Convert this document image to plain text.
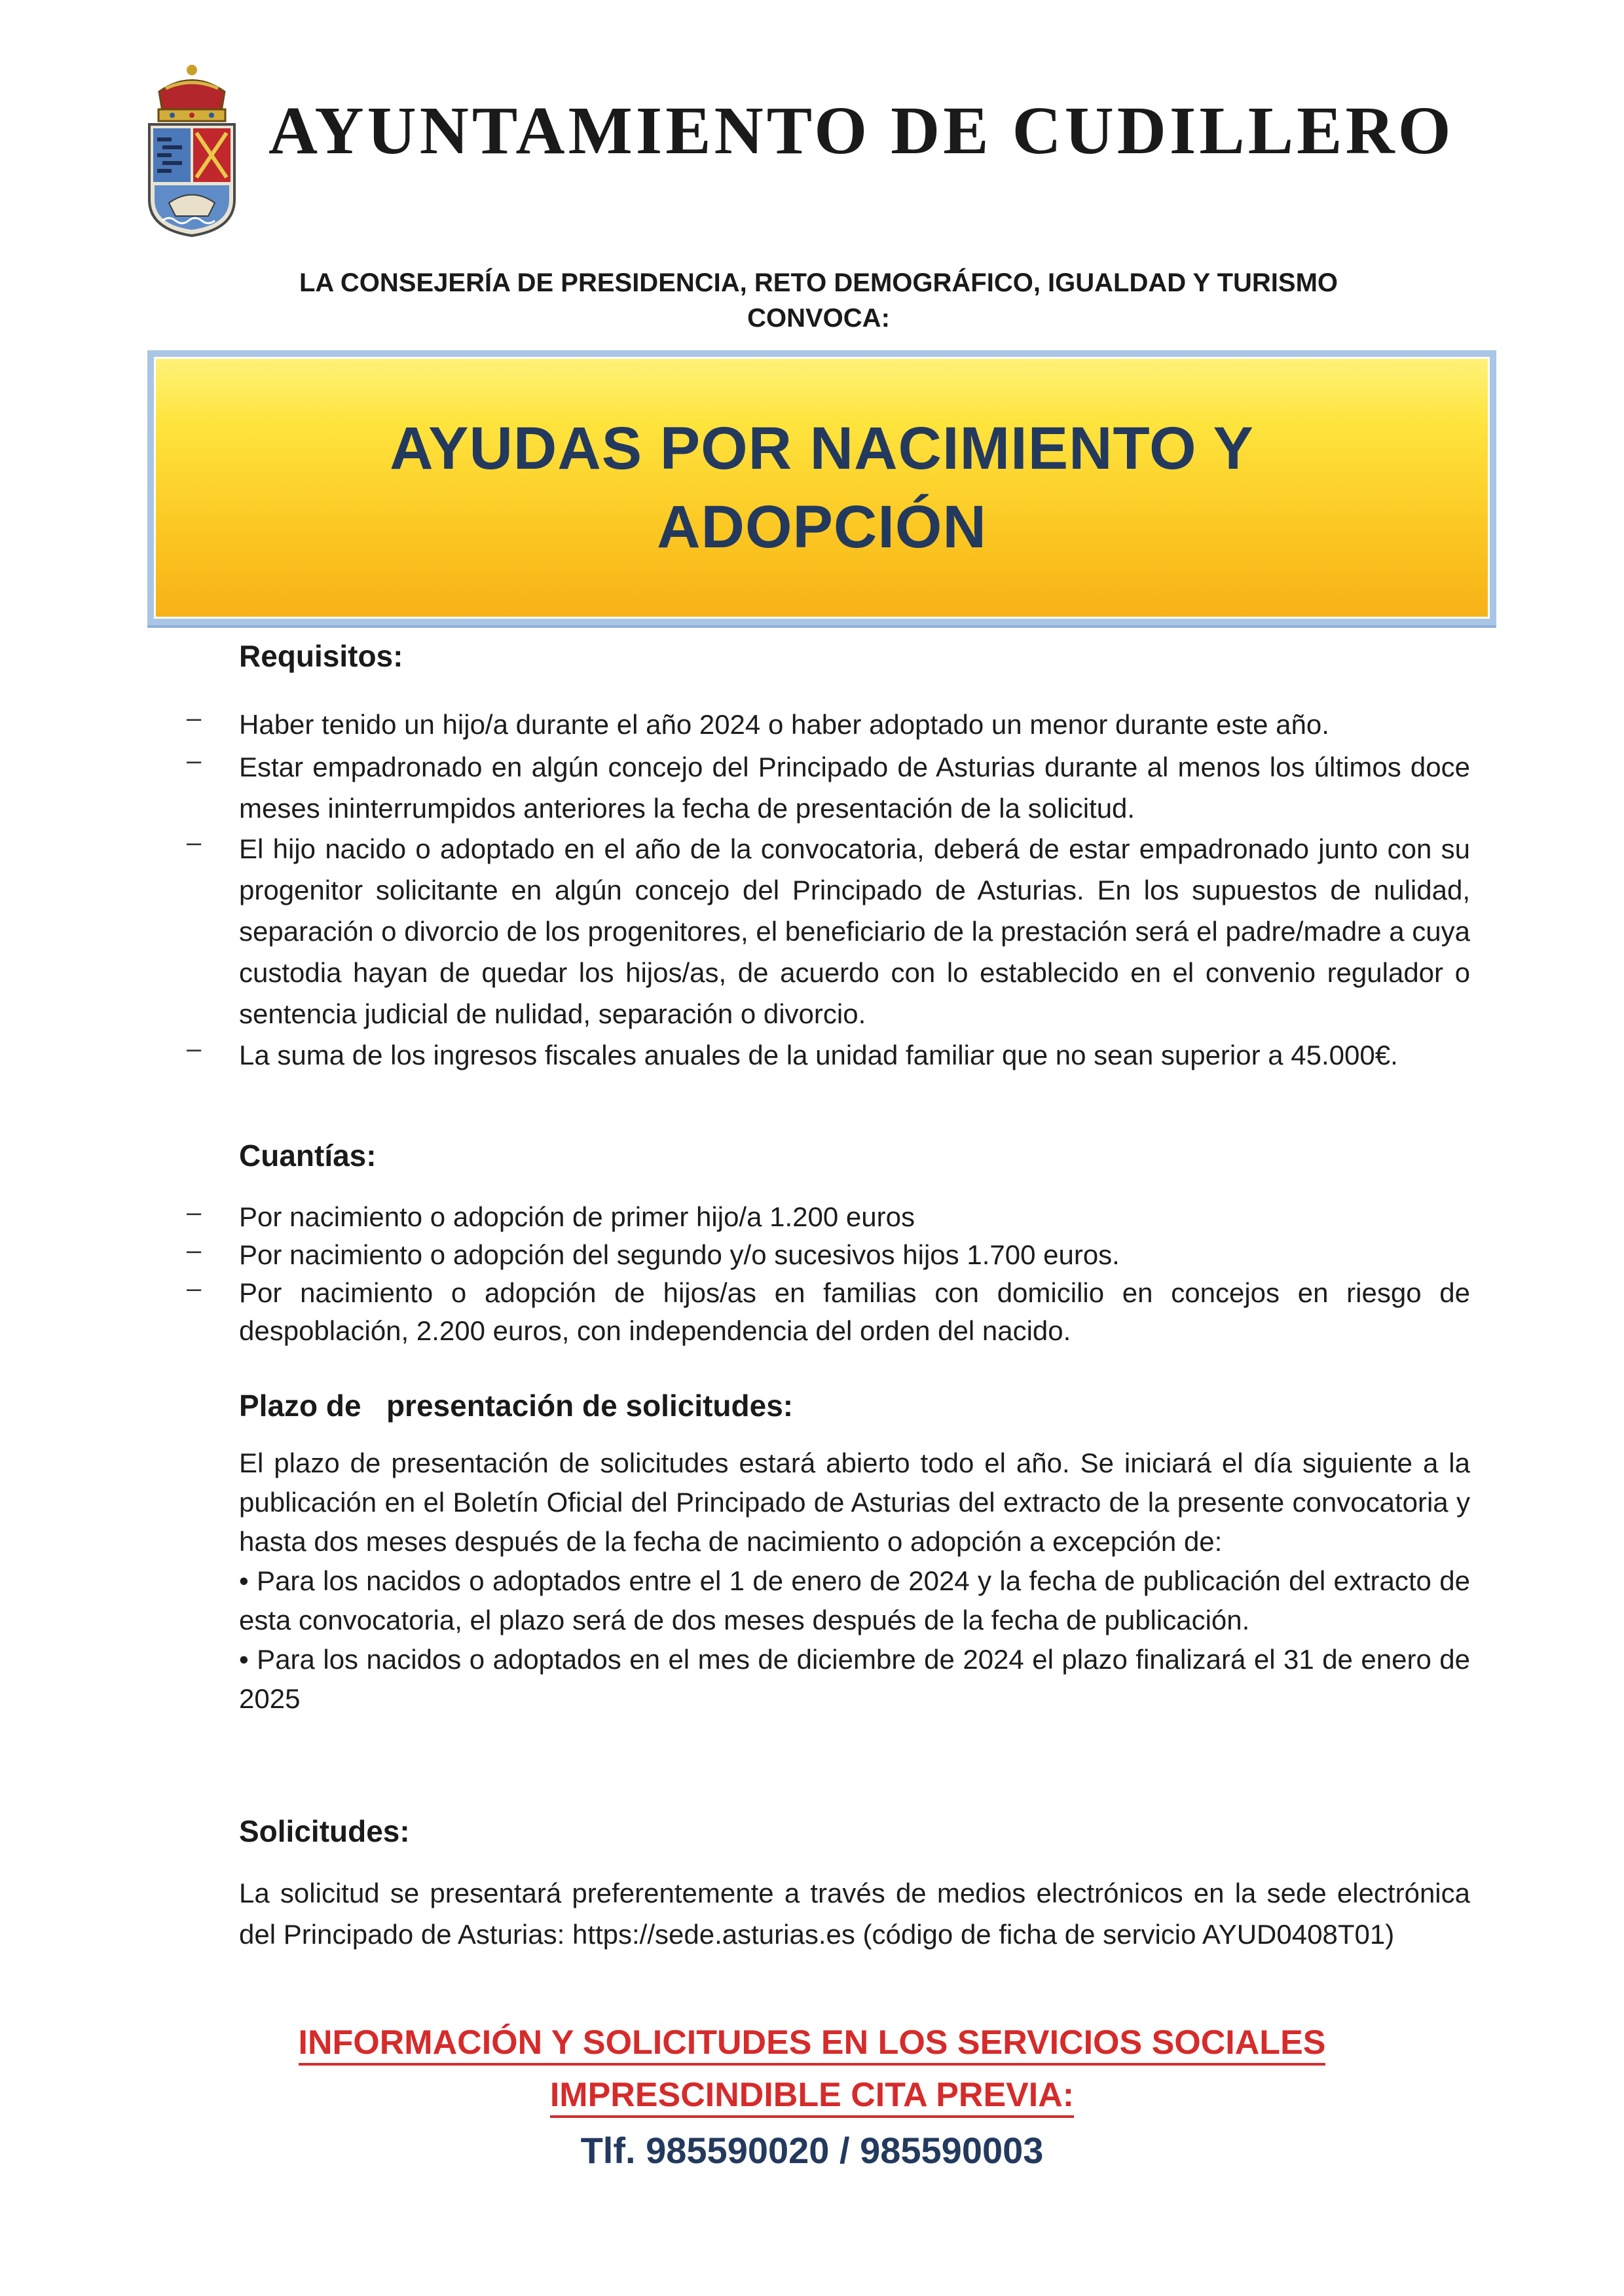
AYUNTAMIENTO DE CUDILLERO
LA CONSEJERÍA DE PRESIDENCIA, RETO DEMOGRÁFICO, IGUALDAD Y TURISMO
CONVOCA:
AYUDAS POR NACIMIENTO Y
ADOPCIÓN
Requisitos:
– Haber tenido un hijo/a durante el año 2024 o haber adoptado un menor durante este año.
– Estar empadronado en algún concejo del Principado de Asturias durante al menos los últimos doce meses ininterrumpidos anteriores la fecha de presentación de la solicitud.
– El hijo nacido o adoptado en el año de la convocatoria, deberá de estar empadronado junto con su progenitor solicitante en algún concejo del Principado de Asturias. En los supuestos de nulidad, separación o divorcio de los progenitores, el beneficiario de la prestación será el padre/madre a cuya custodia hayan de quedar los hijos/as, de acuerdo con lo establecido en el convenio regulador o sentencia judicial de nulidad, separación o divorcio.
– La suma de los ingresos fiscales anuales de la unidad familiar que no sean superior a 45.000€.
Cuantías:
– Por nacimiento o adopción de primer hijo/a 1.200 euros
– Por nacimiento o adopción del segundo y/o sucesivos hijos 1.700 euros.
– Por nacimiento o adopción de hijos/as en familias con domicilio en concejos en riesgo de despoblación, 2.200 euros, con independencia del orden del nacido.
Plazo de   presentación de solicitudes:
El plazo de presentación de solicitudes estará abierto todo el año. Se iniciará el día siguiente a la publicación en el Boletín Oficial del Principado de Asturias del extracto de la presente convocatoria y hasta dos meses después de la fecha de nacimiento o adopción a excepción de:
• Para los nacidos o adoptados entre el 1 de enero de 2024 y la fecha de publicación del extracto de esta convocatoria, el plazo será de dos meses después de la fecha de publicación.
• Para los nacidos o adoptados en el mes de diciembre de 2024 el plazo finalizará el 31 de enero de 2025
Solicitudes:
La solicitud se presentará preferentemente a través de medios electrónicos en la sede electrónica del Principado de Asturias: https://sede.asturias.es (código de ficha de servicio AYUD0408T01)
INFORMACIÓN Y SOLICITUDES EN LOS SERVICIOS SOCIALES
IMPRESCINDIBLE CITA PREVIA:
Tlf. 985590020 / 985590003
